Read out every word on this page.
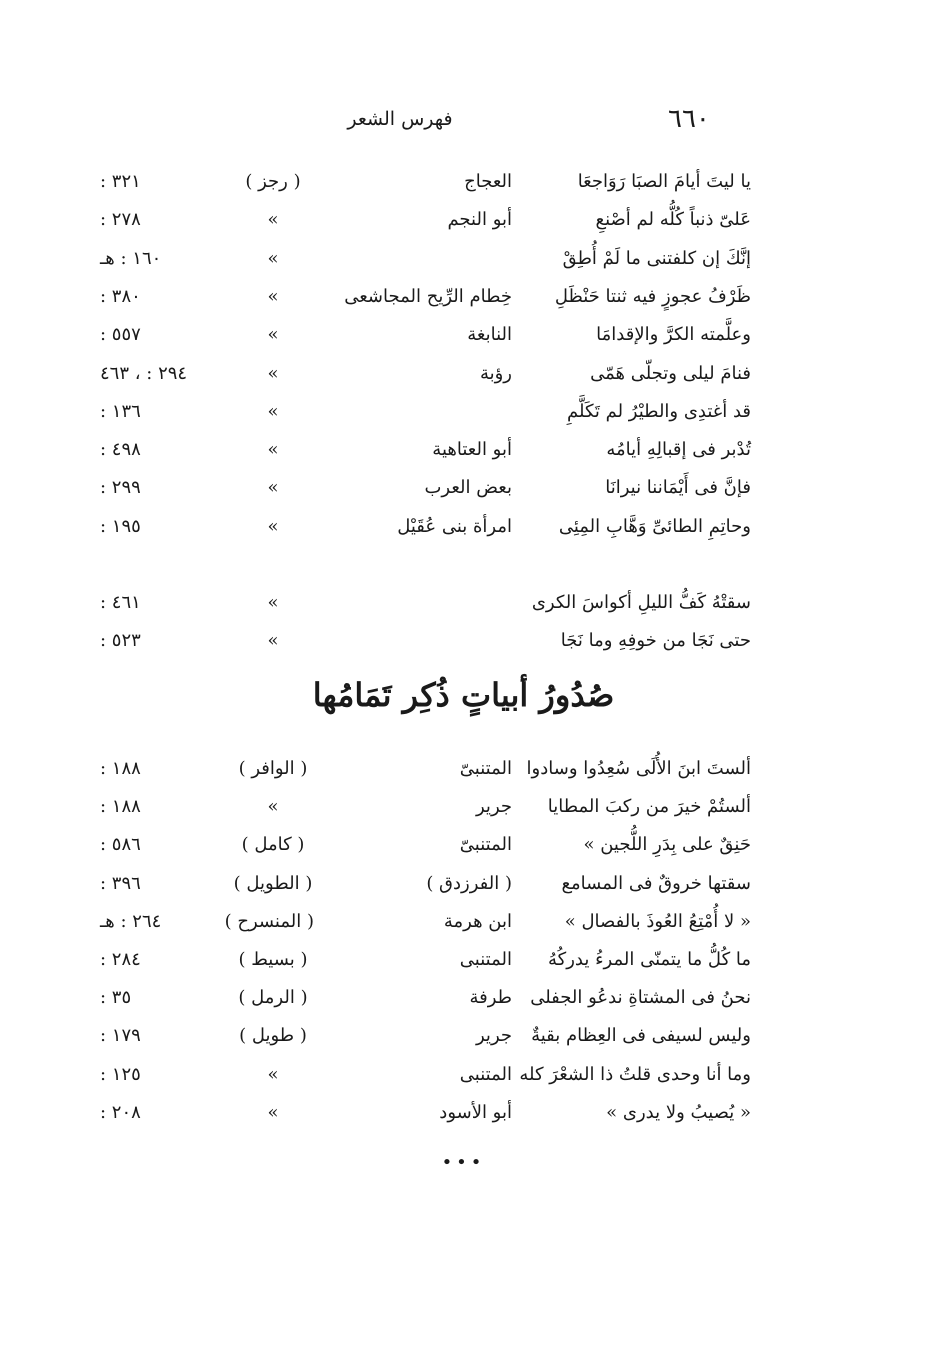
٦٦٠
فهرس الشعر
يا ليتَ أيامَ الصبَا رَوَاجعَا
العجاج
( رجز )
٣٢١ :
عَلىّ ذنباً كُلُّه لم أصْنعِ
أبو النجم
»
٢٧٨ :
إنَّكَ إن كلفتنى ما لَمْ أُطِقْ
»
١٦٠ : هـ
ظَرْفُ عجوزٍ فيه ثنتا حَنْظَلِ
خِطام الرِّيح المجاشعى
»
٣٨٠ :
وعلَّمته الكرَّ والإقدامَا
النابغة
»
٥٥٧ :
فنامَ ليلى وتجلّى هَمّى
رؤبة
»
٢٩٤ : ، ٤٦٣
قد أغتدِى والطيْرُ لم تَكَلَّمِ
»
١٣٦ :
تُدْبر فى إقبالِهِ أيامُه
أبو العتاهية
»
٤٩٨ :
فإنَّ فى أَيْمَاننا نيرانَا
بعض العرب
»
٢٩٩ :
وحاتِمِ الطائىِّ وَهَّابِ المِئِى
امرأة بنى عُقَيْل
»
١٩٥ :
سقتْهُ كَفُّ الليلِ أكواسَ الكرى
»
٤٦١ :
حتى نَجَا من خوفِهِ وما نَجَا
»
٥٢٣ :
ألستَ ابنَ الأُلَى سُعِدُوا وسادوا
المتنبىّ
( الوافر )
١٨٨ :
ألستُمْ خيرَ من ركبَ المطايا
جرير
»
١٨٨ :
حَنِقٌ على بِدَرِ اللُّجين »
المتنبىّ
( كامل )
٥٨٦ :
سقتها خروقٌ فى المسامع
( الفرزدق )
( الطويل )
٣٩٦ :
« لا أُمْتِعُ العُوذَ بالفصال »
ابن هرمة
( المنسرح )
٢٦٤ : هـ
ما كُلُّ ما يتمنّى المرءُ يدركُهُ
المتنبى
( بسيط )
٢٨٤ :
نحنُ فى المشتاةِ ندعُو الجفلى
طرفة
( الرمل )
٣٥ :
وليس لسيفى فى العِظام بقيةٌ
جرير
( طويل )
١٧٩ :
وما أنا وحدى قلتُ ذا الشعْرَ كله
المتنبى
»
١٢٥ :
« يُصيبُ ولا يدرى »
أبو الأسود
»
٢٠٨ :
صُدُورُ أبياتٍ ذُكِر تَمَامُها
•••
